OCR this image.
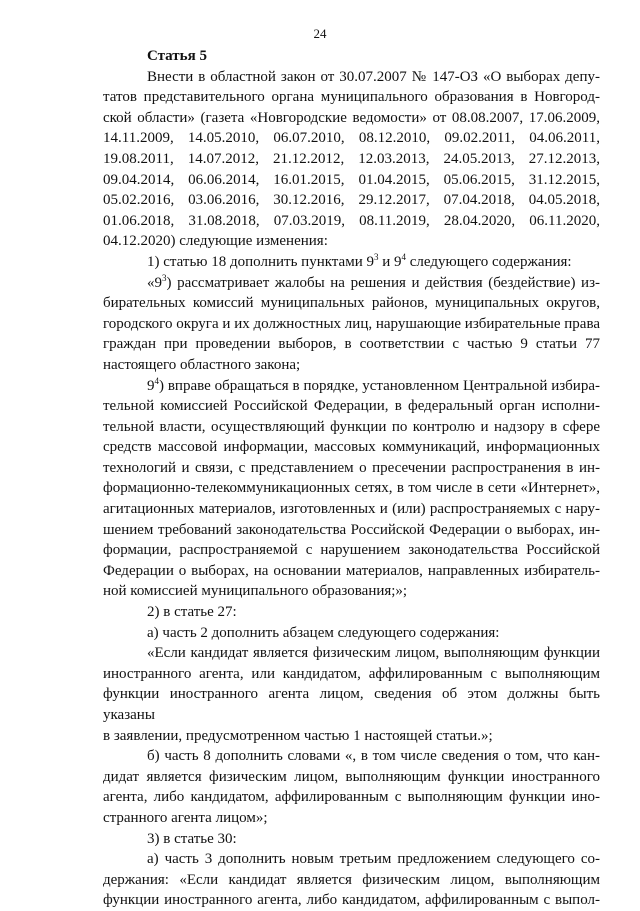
24
Статья 5
Внести в областной закон от 30.07.2007 № 147-ОЗ «О выборах депу-
татов представительного органа муниципального образования в Новгород-
ской области» (газета «Новгородские ведомости» от 08.08.2007, 17.06.2009,
14.11.2009, 14.05.2010, 06.07.2010, 08.12.2010, 09.02.2011, 04.06.2011,
19.08.2011, 14.07.2012, 21.12.2012, 12.03.2013, 24.05.2013, 27.12.2013,
09.04.2014, 06.06.2014, 16.01.2015, 01.04.2015, 05.06.2015, 31.12.2015,
05.02.2016, 03.06.2016, 30.12.2016, 29.12.2017, 07.04.2018, 04.05.2018,
01.06.2018, 31.08.2018, 07.03.2019, 08.11.2019, 28.04.2020, 06.11.2020,
04.12.2020) следующие изменения:
1) статью 18 дополнить пунктами $9^3$ и $9^4$ следующего содержания:
«$9^3$) рассматривает жалобы на решения и действия (бездействие) из-
бирательных комиссий муниципальных районов, муниципальных округов,
городского округа и их должностных лиц, нарушающие избирательные права
граждан при проведении выборов, в соответствии с частью 9 статьи 77
настоящего областного закона;
$9^4$) вправе обращаться в порядке, установленном Центральной избира-
тельной комиссией Российской Федерации, в федеральный орган исполни-
тельной власти, осуществляющий функции по контролю и надзору в сфере
средств массовой информации, массовых коммуникаций, информационных
технологий и связи, с представлением о пресечении распространения в ин-
формационно-телекоммуникационных сетях, в том числе в сети «Интернет»,
агитационных материалов, изготовленных и (или) распространяемых с нару-
шением требований законодательства Российской Федерации о выборах, ин-
формации, распространяемой с нарушением законодательства Российской
Федерации о выборах, на основании материалов, направленных избиратель-
ной комиссией муниципального образования;»;
2) в статье 27:
а) часть 2 дополнить абзацем следующего содержания:
«Если кандидат является физическим лицом, выполняющим функции
иностранного агента, или кандидатом, аффилированным с выполняющим
функции иностранного агента лицом, сведения об этом должны быть указаны
в заявлении, предусмотренном частью 1 настоящей статьи.»;
б) часть 8 дополнить словами «, в том числе сведения о том, что кан-
дидат является физическим лицом, выполняющим функции иностранного
агента, либо кандидатом, аффилированным с выполняющим функции ино-
странного агента лицом»;
3) в статье 30:
а) часть 3 дополнить новым третьим предложением следующего со-
держания: «Если кандидат является физическим лицом, выполняющим
функции иностранного агента, либо кандидатом, аффилированным с выпол-
